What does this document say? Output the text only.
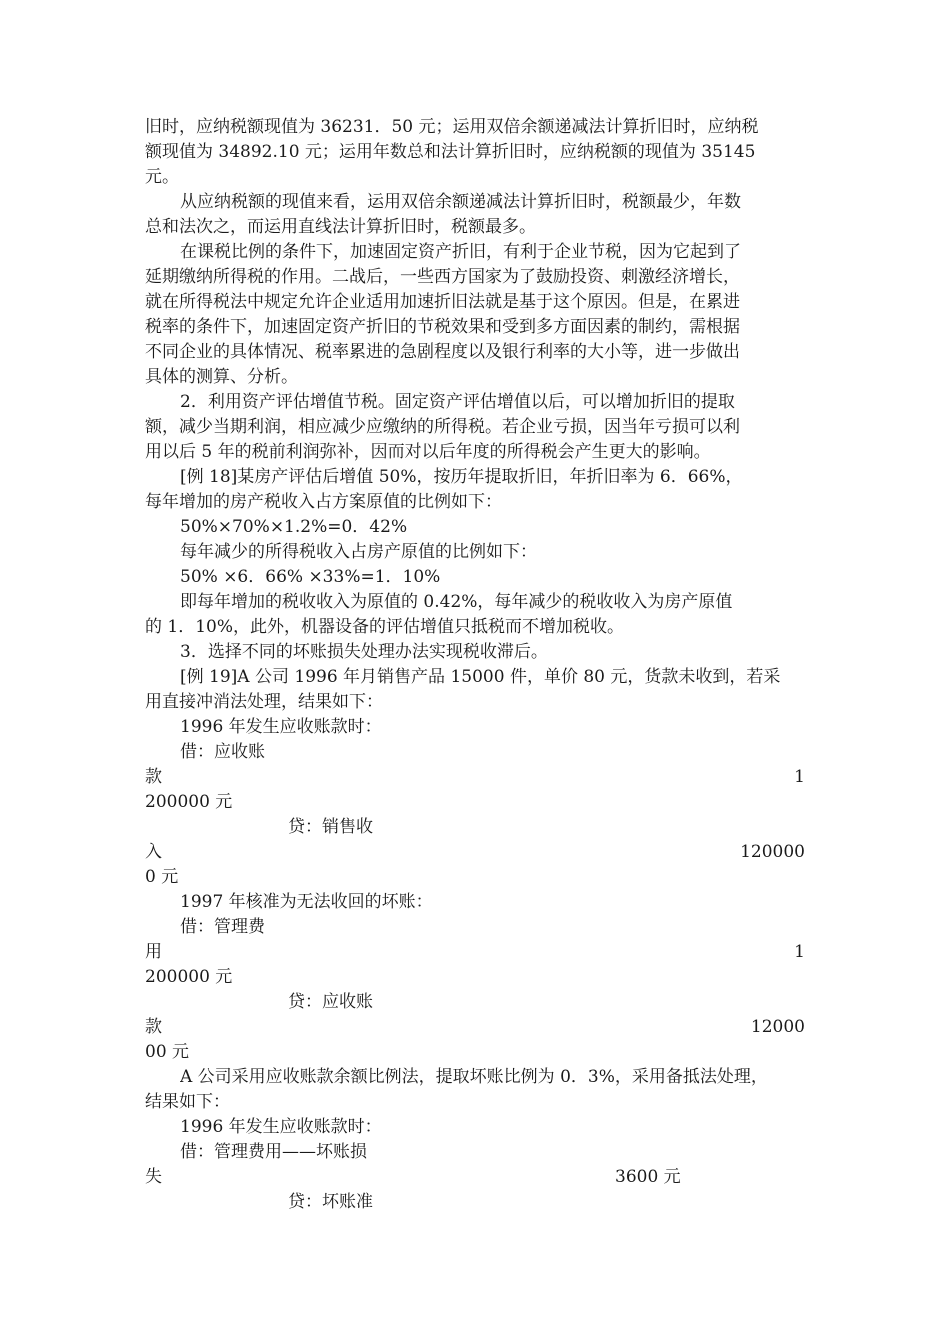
旧时，应纳税额现值为 36231．50 元；运用双倍余额递减法计算折旧时，应纳税
额现值为 34892.10 元；运用年数总和法计算折旧时，应纳税额的现值为 35145
元。
从应纳税额的现值来看，运用双倍余额递减法计算折旧时，税额最少，年数
总和法次之，而运用直线法计算折旧时，税额最多。
在课税比例的条件下，加速固定资产折旧，有利于企业节税，因为它起到了
延期缴纳所得税的作用。二战后，一些西方国家为了鼓励投资、刺激经济增长，
就在所得税法中规定允许企业适用加速折旧法就是基于这个原因。但是，在累进
税率的条件下，加速固定资产折旧的节税效果和受到多方面因素的制约，需根据
不同企业的具体情况、税率累进的急剧程度以及银行利率的大小等，进一步做出
具体的测算、分析。
2．利用资产评估增值节税。固定资产评估增值以后，可以增加折旧的提取
额，减少当期利润，相应减少应缴纳的所得税。若企业亏损，因当年亏损可以利
用以后 5 年的税前利润弥补，因而对以后年度的所得税会产生更大的影响。
[例 18]某房产评估后增值 50%，按历年提取折旧，年折旧率为 6．66%，
每年增加的房产税收入占方案原值的比例如下：
50%×70%×1.2%=0．42%
每年减少的所得税收入占房产原值的比例如下：
50% ×6．66% ×33%=1．10%
即每年增加的税收收入为原值的 0.42%，每年减少的税收收入为房产原值
的 1．10%，此外，机器设备的评估增值只抵税而不增加税收。
3．选择不同的坏账损失处理办法实现税收滞后。
[例 19]A 公司 1996 年月销售产品 15000 件，单价 80 元，货款未收到，若采
用直接冲消法处理，结果如下：
1996 年发生应收账款时：
借：应收账
款	1
200000 元
贷：销售收
入	120000
0 元
1997 年核准为无法收回的坏账：
借：管理费
用	1
200000 元
贷：应收账
款	12000
00 元
A 公司采用应收账款余额比例法，提取坏账比例为 0．3%，采用备抵法处理，
结果如下：
1996 年发生应收账款时：
借：管理费用——坏账损
失	3600 元
贷：坏账准
